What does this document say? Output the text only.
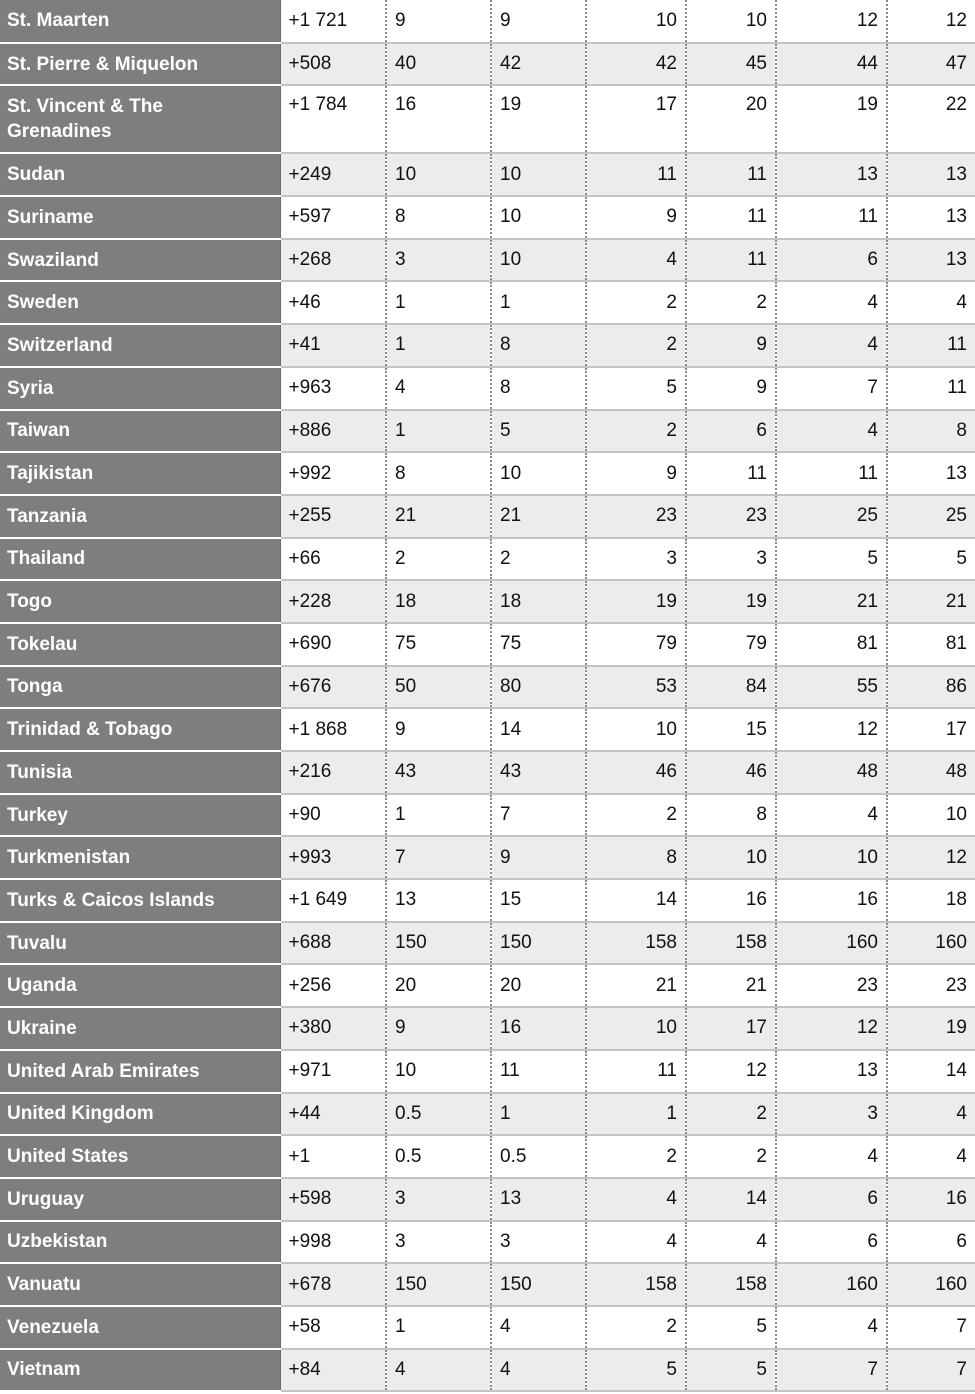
St. Maarten	+1 721	9	9	10	10	12	12
St. Pierre & Miquelon	+508	40	42	42	45	44	47
St. Vincent & The Grenadines	+1 784	16	19	17	20	19	22
Sudan	+249	10	10	11	11	13	13
Suriname	+597	8	10	9	11	11	13
Swaziland	+268	3	10	4	11	6	13
Sweden	+46	1	1	2	2	4	4
Switzerland	+41	1	8	2	9	4	11
Syria	+963	4	8	5	9	7	11
Taiwan	+886	1	5	2	6	4	8
Tajikistan	+992	8	10	9	11	11	13
Tanzania	+255	21	21	23	23	25	25
Thailand	+66	2	2	3	3	5	5
Togo	+228	18	18	19	19	21	21
Tokelau	+690	75	75	79	79	81	81
Tonga	+676	50	80	53	84	55	86
Trinidad & Tobago	+1 868	9	14	10	15	12	17
Tunisia	+216	43	43	46	46	48	48
Turkey	+90	1	7	2	8	4	10
Turkmenistan	+993	7	9	8	10	10	12
Turks & Caicos Islands	+1 649	13	15	14	16	16	18
Tuvalu	+688	150	150	158	158	160	160
Uganda	+256	20	20	21	21	23	23
Ukraine	+380	9	16	10	17	12	19
United Arab Emirates	+971	10	11	11	12	13	14
United Kingdom	+44	0.5	1	1	2	3	4
United States	+1	0.5	0.5	2	2	4	4
Uruguay	+598	3	13	4	14	6	16
Uzbekistan	+998	3	3	4	4	6	6
Vanuatu	+678	150	150	158	158	160	160
Venezuela	+58	1	4	2	5	4	7
Vietnam	+84	4	4	5	5	7	7
